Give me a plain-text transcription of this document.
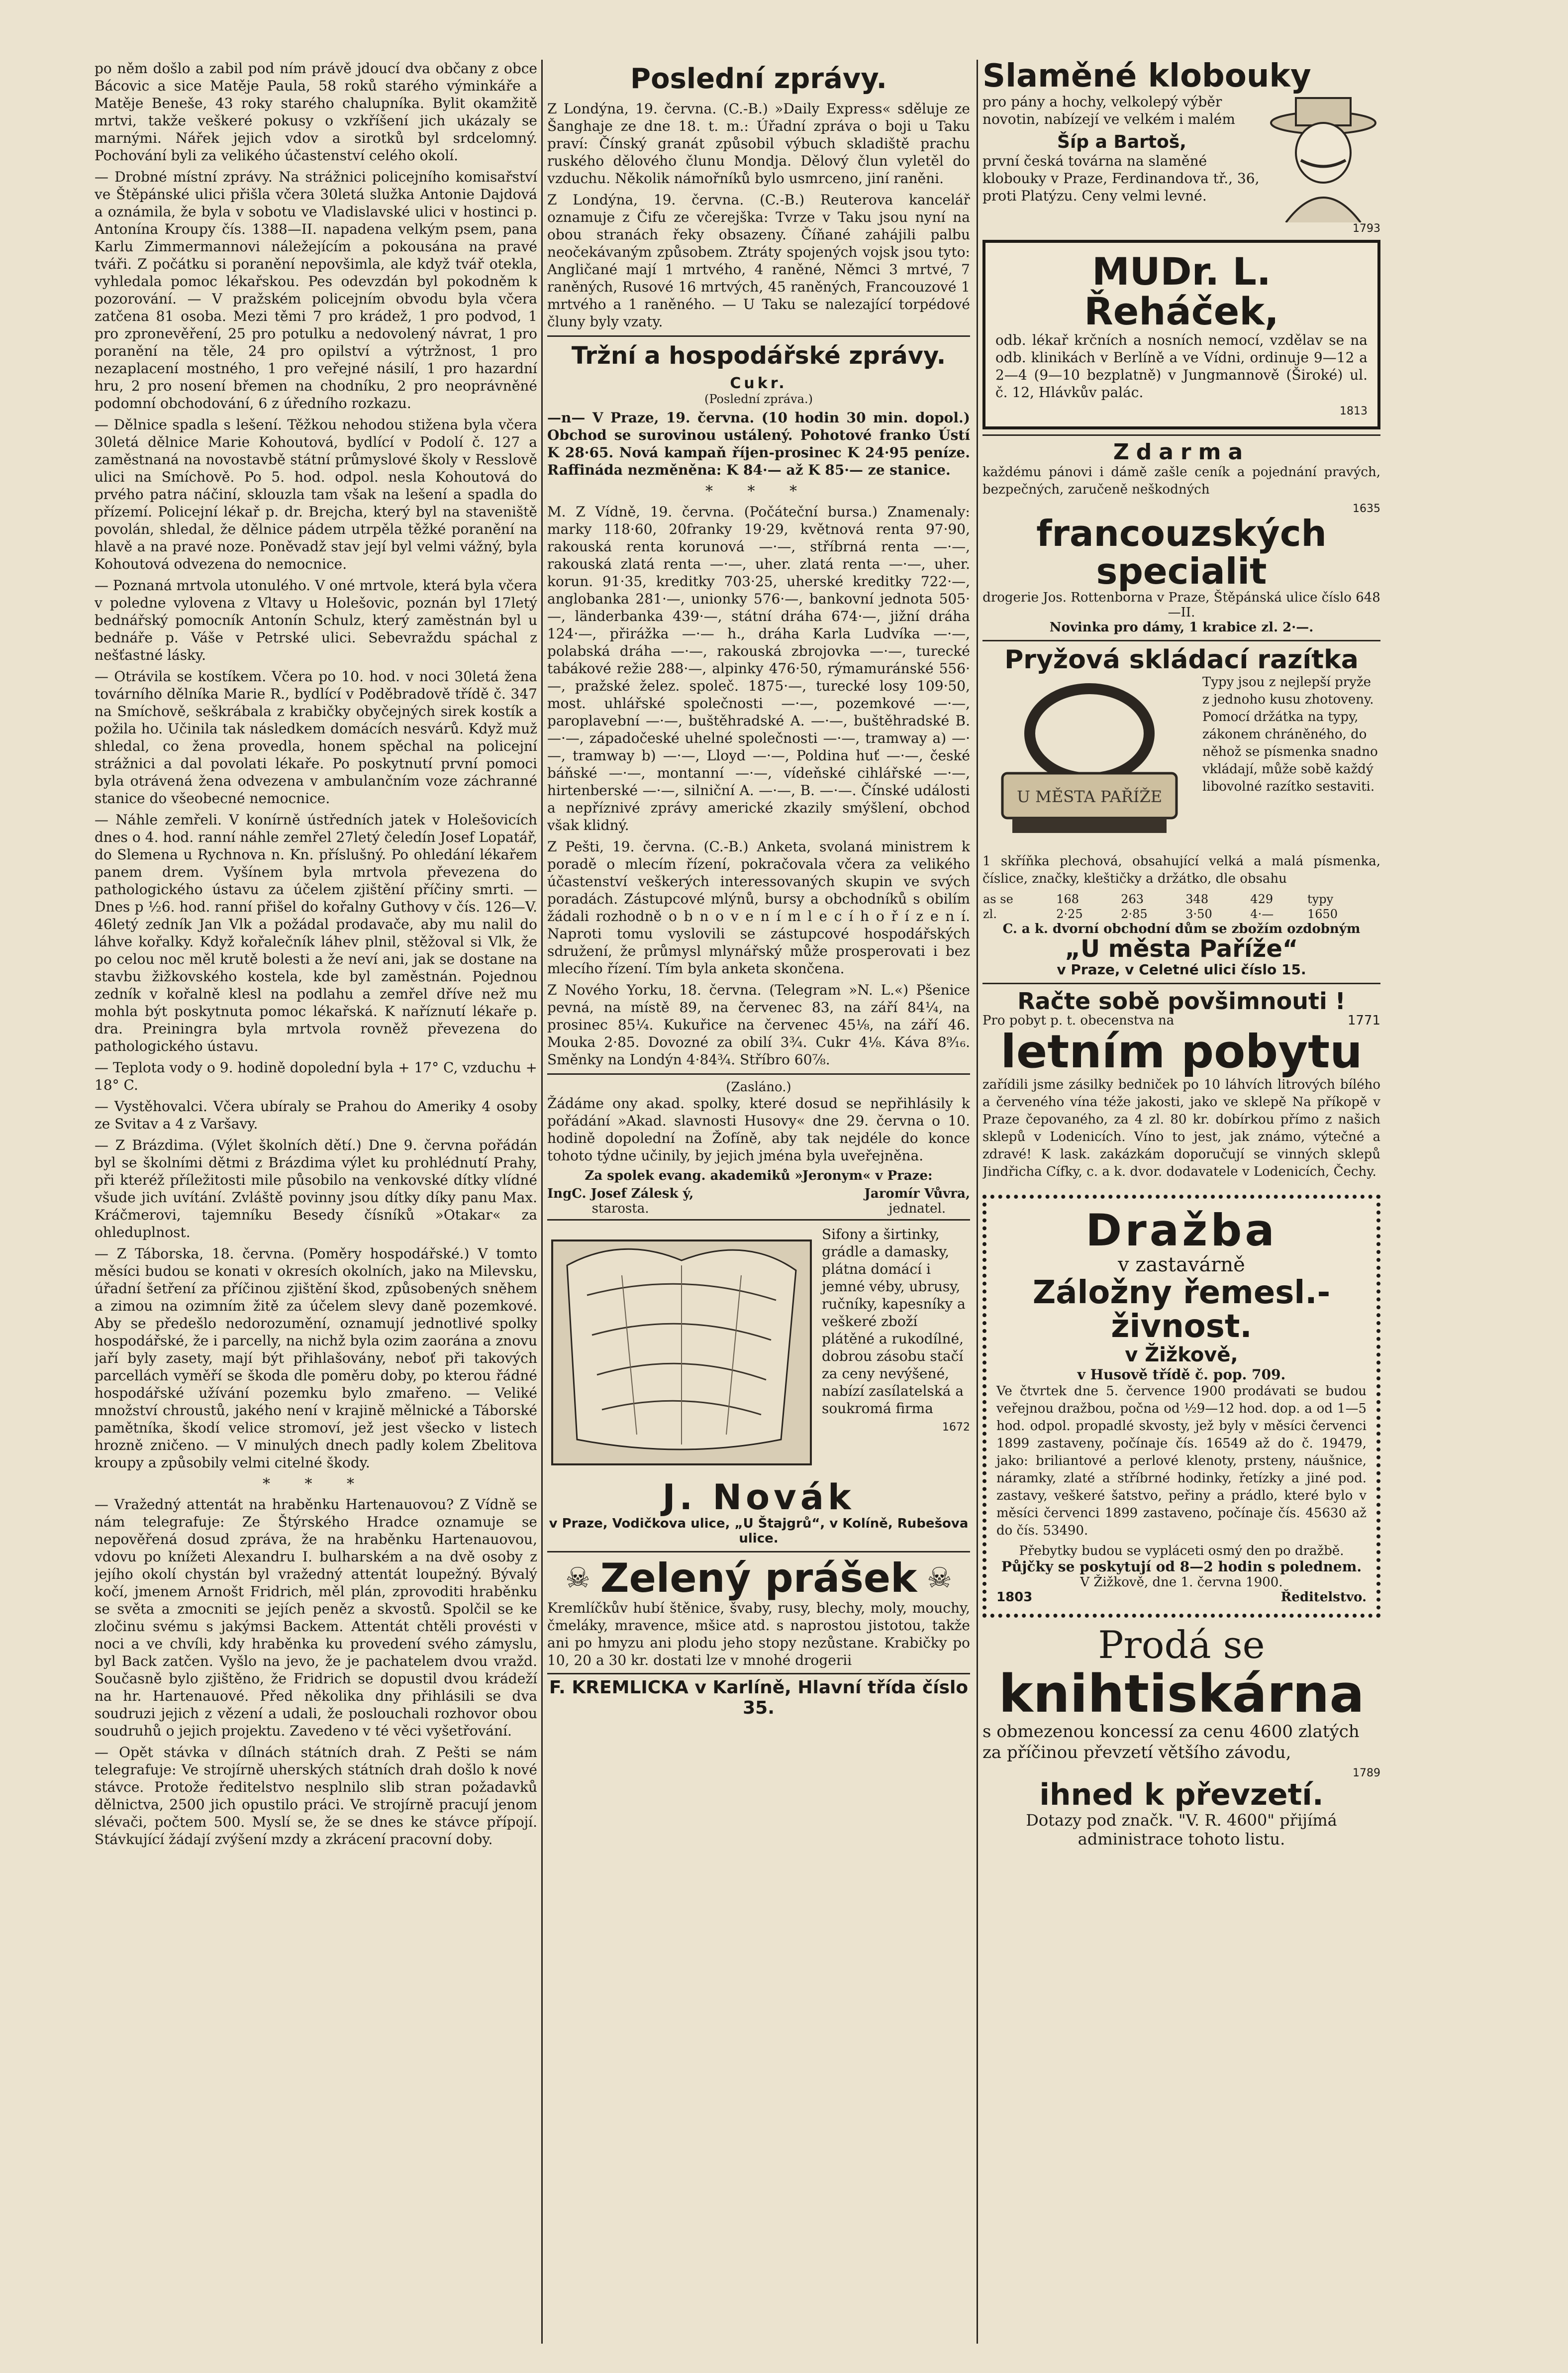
po něm došlo a zabil pod ním právě jdoucí dva občany z obce Bácovic a sice Matěje Paula, 58 roků starého výminkáře a Matěje Beneše, 43 roky starého chalupníka. Bylit okamžitě mrtvi, takže veškeré pokusy o vzkříšení jich ukázaly se marnými. Nářek jejich vdov a sirotků byl srdcelomný. Pochování byli za velikého účastenství celého okolí.

— Drobné místní zprávy. Na strážnici policejního komisařství ve Štěpánské ulici přišla včera 30letá služka Antonie Dajdová a oznámila, že byla v sobotu ve Vladislavské ulici v hostinci p. Antonína Kroupy čís. 1388—II. napadena velkým psem, pana Karlu Zimmermannovi náležejícím a pokousána na pravé tváři. Z počátku si poranění nepovšimla, ale když tvář otekla, vyhledala pomoc lékařskou. Pes odevzdán byl pokodněm k pozorování. — V pražském policejním obvodu byla včera zatčena 81 osoba. Mezi těmi 7 pro krádež, 1 pro podvod, 1 pro zpronevěření, 25 pro potulku a nedovolený návrat, 1 pro poranění na těle, 24 pro opilství a výtržnost, 1 pro nezaplacení mostného, 1 pro veřejné násilí, 1 pro hazardní hru, 2 pro nosení břemen na chodníku, 2 pro neoprávněné podomní obchodování, 6 z úředního rozkazu.

— Dělnice spadla s lešení. Těžkou nehodou stižena byla včera 30letá dělnice Marie Kohoutová, bydlící v Podolí č. 127 a zaměstnaná na novostavbě státní průmyslové školy v Resslově ulici na Smíchově. Po 5. hod. odpol. nesla Kohoutová do prvého patra náčiní, sklouzla tam však na lešení a spadla do přízemí. Policejní lékař p. dr. Brejcha, který byl na staveniště povolán, shledal, že dělnice pádem utrpěla těžké poranění na hlavě a na pravé noze. Poněvadž stav její byl velmi vážný, byla Kohoutová odvezena do nemocnice.

— Poznaná mrtvola utonulého. V oné mrtvole, která byla včera v poledne vylovena z Vltavy u Holešovic, poznán byl 17letý bednářský pomocník Antonín Schulz, který zaměstnán byl u bednáře p. Váše v Petrské ulici. Sebevraždu spáchal z nešťastné lásky.

— Otrávila se kostíkem. Včera po 10. hod. v noci 30letá žena továrního dělníka Marie R., bydlící v Poděbradově třídě č. 347 na Smíchově, seškrábala z krabičky obyčejných sirek kostík a požila ho. Učinila tak následkem domácích nesvárů. Když muž shledal, co žena provedla, honem spěchal na policejní strážnici a dal povolati lékaře. Po poskytnutí první pomoci byla otrávená žena odvezena v ambulančním voze záchranné stanice do všeobecné nemocnice.

— Náhle zemřeli. V konírně ústředních jatek v Holešovicích dnes o 4. hod. ranní náhle zemřel 27letý čeledín Josef Lopatář, do Slemena u Rychnova n. Kn. příslušný. Po ohledání lékařem panem drem. Vyšínem byla mrtvola převezena do pathologického ústavu za účelem zjištění příčiny smrti. — Dnes p ½6. hod. ranní přišel do kořalny Guthovy v čís. 126—V. 46letý zedník Jan Vlk a požádal prodavače, aby mu nalil do láhve kořalky. Když kořalečník láhev plnil, stěžoval si Vlk, že po celou noc měl krutě bolesti a že neví ani, jak se dostane na stavbu žižkovského kostela, kde byl zaměstnán. Pojednou zedník v kořalně klesl na podlahu a zemřel dříve než mu mohla být poskytnuta pomoc lékařská. K naříznutí lékaře p. dra. Preiningra byla mrtvola rovněž převezena do pathologického ústavu.

— Teplota vody o 9. hodině dopolední byla + 17° C, vzduchu + 18° C.

— Vystěhovalci. Včera ubíraly se Prahou do Ameriky 4 osoby ze Svitav a 4 z Varšavy.

— Z Brázdima. (Výlet školních dětí.) Dne 9. června pořádán byl se školními dětmi z Brázdima výlet ku prohlédnutí Prahy, při kteréž příležitosti mile působilo na venkovské dítky vlídné všude jich uvítání. Zvláště povinny jsou dítky díky panu Max. Kráčmerovi, tajemníku Besedy čísníků »Otakar« za ohleduplnost.

— Z Táborska, 18. června. (Poměry hospodářské.) V tomto měsíci budou se konati v okresích okolních, jako na Milevsku, úřadní šetření za příčinou zjištění škod, způsobených sněhem a zimou na ozimním žitě za účelem slevy daně pozemkové. Aby se předešlo nedorozumění, oznamují jednotlivé spolky hospodářské, že i parcelly, na nichž byla ozim zaorána a znovu jaří byly zasety, mají být přihlašovány, neboť při takových parcellách vyměří se škoda dle poměru doby, po kterou řádné hospodářské užívání pozemku bylo zmařeno. — Veliké množství chroustů, jakého není v krajině mělnické a Táborské pamětníka, škodí velice stromoví, jež jest všecko v listech hrozně zničeno. — V minulých dnech padly kolem Zbelitova kroupy a způsobily velmi citelné škody.

* * *

— Vražedný attentát na hraběnku Hartenauovou? Z Vídně se nám telegrafuje: Ze Štýrského Hradce oznamuje se nepověřená dosud zpráva, že na hraběnku Hartenauovou, vdovu po knížeti Alexandru I. bulharském a na dvě osoby z jejího okolí chystán byl vražedný attentát loupežný. Bývalý kočí, jmenem Arnošt Fridrich, měl plán, zprovoditi hraběnku se světa a zmocniti se jejích peněz a skvostů. Spolčil se ke zločinu svému s jakýmsi Backem. Attentát chtěli provésti v noci a ve chvíli, kdy hraběnka ku provedení svého zámyslu, byl Back zatčen. Vyšlo na jevo, že je pachatelem dvou vražd. Současně bylo zjištěno, že Fridrich se dopustil dvou krádeží na hr. Hartenauové. Před několika dny přihlásili se dva soudruzi jejich z vězení a udali, že poslouchali rozhovor obou soudruhů o jejich projektu. Zavedeno v té věci vyšetřování.

— Opět stávka v dílnách státních drah. Z Pešti se nám telegrafuje: Ve strojírně uherských státních drah došlo k nové stávce. Protože ředitelstvo nesplnilo slib stran požadavků dělnictva, 2500 jich opustilo práci. Ve strojírně pracují jenom slévači, počtem 500. Myslí se, že se dnes ke stávce přípojí. Stávkující žádají zvýšení mzdy a zkrácení pracovní doby.

Poslední zprávy.

Z Londýna, 19. června. (C.-B.) »Daily Express« sděluje ze Šanghaje ze dne 18. t. m.: Úřadní zpráva o boji u Taku praví: Čínský granát způsobil výbuch skladiště prachu ruského dělového člunu Mondja. Dělový člun vyletěl do vzduchu. Několik námořníků bylo usmrceno, jiní raněni.

Z Londýna, 19. června. (C.-B.) Reuterova kancelář oznamuje z Čifu ze včerejška: Tvrze v Taku jsou nyní na obou stranách řeky obsazeny. Číňané zahájili palbu neočekávaným způsobem. Ztráty spojených vojsk jsou tyto: Angličané mají 1 mrtvého, 4 raněné, Němci 3 mrtvé, 7 raněných, Rusové 16 mrtvých, 45 raněných, Francouzové 1 mrtvého a 1 raněného. — U Taku se nalezající torpédové čluny byly vzaty.

Tržní a hospodářské zprávy.
Cukr.
(Poslední zpráva.)

—n— V Praze, 19. června. (10 hodin 30 min. dopol.) Obchod se surovinou ustálený. Pohotové franko Ústí K 28·65. Nová kampaň říjen-prosinec K 24·95 peníze. Raffináda nezměněna: K 84·— až K 85·— ze stanice.

* * *

M. Z Vídně, 19. června. (Počáteční bursa.) Znamenaly: marky 118·60, 20franky 19·29, květnová renta 97·90, rakouská renta korunová —·—, stříbrná renta —·—, rakouská zlatá renta —·—, uher. zlatá renta —·—, uher. korun. 91·35, kreditky 703·25, uherské kreditky 722·—, anglobanka 281·—, unionky 576·—, bankovní jednota 505·—, länderbanka 439·—, státní dráha 674·—, jižní dráha 124·—, přirážka —·— h., dráha Karla Ludvíka —·—, polabská dráha —·—, rakouská zbrojovka —·—, turecké tabákové režie 288·—, alpinky 476·50, rýmamuránské 556·—, pražské želez. společ. 1875·—, turecké losy 109·50, most. uhlářské společnosti —·—, pozemkové —·—, paroplavební —·—, buštěhradské A. —·—, buštěhradské B. —·—, západočeské uhelné společnosti —·—, tramway a) —·—, tramway b) —·—, Lloyd —·—, Poldina huť —·—, české báňské —·—, montanní —·—, vídeňské cihlářské —·—, hirtenberské —·—, silniční A. —·—, B. —·—. Čínské události a nepříznivé zprávy americké zkazily smýšlení, obchod však klidný.

Z Pešti, 19. června. (C.-B.) Anketa, svolaná ministrem k poradě o mlecím řízení, pokračovala včera za velikého účastenství veškerých interessovaných skupin ve svých poradách. Zástupcové mlýnů, bursy a obchodníků s obilím žádali rozhodně o b n o v e n í m l e c í h o ř í z e n í. Naproti tomu vyslovili se zástupcové hospodářských sdružení, že průmysl mlynářský může prosperovati i bez mlecího řízení. Tím byla anketa skončena.

Z Nového Yorku, 18. června. (Telegram »N. L.«) Pšenice pevná, na místě 89, na červenec 83, na září 84¼, na prosinec 85¼. Kukuřice na červenec 45⅛, na září 46. Mouka 2·85. Dovozné za obilí 3¾. Cukr 4⅛. Káva 8⁹⁄₁₆. Směnky na Londýn 4·84¾. Stříbro 60⅞.

(Zasláno.)

Žádáme ony akad. spolky, které dosud se nepřihlásily k pořádání »Akad. slavnosti Husovy« dne 29. června o 10. hodině dopolední na Žofíně, aby tak nejdéle do konce tohoto týdne učinily, by jejich jména byla uveřejněna.

Za spolek evang. akademiků »Jeronym« v Praze:
IngC. Josef Zálesk ý,
starosta.
Jaromír Vůvra,
jednatel.

Sifony a širtinky, grádle a damasky, plátna domácí i jemné véby, ubrusy, ručníky, kapesníky a veškeré zboží plátěné a rukodílné, dobrou zásobu stačí za ceny nevýšené, nabízí zasílatelská a soukromá firma

1672
J. Novák
v Praze, Vodičkova ulice, „U Štajgrů“, v Kolíně, Rubešova ulice.
☠ Zelený prášek ☠

Kremlíčkův hubí štěnice, švaby, rusy, blechy, moly, mouchy, čmeláky, mravence, mšice atd. s naprostou jistotou, takže ani po hmyzu ani plodu jeho stopy nezůstane. Krabičky po 10, 20 a 30 kr. dostati lze v mnohé drogerii

F. KREMLICKA v Karlíně, Hlavní třída číslo 35.
Slaměné klobouky

pro pány a hochy, velkolepý výběr novotin, nabízejí ve velkém i malém

Šíp a Bartoš,

první česká továrna na slaměné klobouky v Praze, Ferdinandova tř., 36, proti Platýzu. Ceny velmi levné.

1793
MUDr. L. Řeháček,

odb. lékař krčních a nosních nemocí, vzdělav se na odb. klinikách v Berlíně a ve Vídni, ordinuje 9—12 a 2—4 (9—10 bezplatně) v Jungmannově (Široké) ul. č. 12, Hlávkův palác.

1813
Zdarma

každému pánovi i dámě zašle ceník a pojednání pravých, bezpečných, zaručeně neškodných

1635
francouzských specialit
drogerie Jos. Rottenborna v Praze, Štěpánská ulice číslo 648—II.
Novinka pro dámy, 1 krabice zl. 2·—.
Pryžová skládací razítka
U MĚSTA PAŘÍŽE

Typy jsou z nejlepší pryže z jednoho kusu zhotoveny. Pomocí držátka na typy, zákonem chráněného, do něhož se písmenka snadno vkládají, může sobě každý libovolné razítko sestaviti.

1 skříňka plechová, obsahující velká a malá písmenka, číslice, značky, kleštičky a držátko, dle obsahu

as se	168	263	348	429	typy
zl.	2·25	2·85	3·50	4·—	1650
C. a k. dvorní obchodní dům se zbožím ozdobným
„U města Paříže“
v Praze, v Celetné ulici číslo 15.
Račte sobě povšimnouti !
Pro pobyt p. t. obecenstva na	1771
letním pobytu

zařídili jsme zásilky bedniček po 10 láhvích litrových bílého a červeného vína téže jakosti, jako ve sklepě Na příkopě v Praze čepovaného, za 4 zl. 80 kr. dobírkou přímo z našich sklepů v Lodenicích. Víno to jest, jak známo, výtečné a zdravé! K lask. zakázkám doporučují se vinných sklepů Jindřicha Cífky, c. a k. dvor. dodavatele v Lodenicích, Čechy.

Dražba
v zastavárně
Záložny řemesl.-živnost.
v Žižkově,
v Husově třídě č. pop. 709.

Ve čtvrtek dne 5. července 1900 prodávati se budou veřejnou dražbou, počna od ½9—12 hod. dop. a od 1—5 hod. odpol. propadlé skvosty, jež byly v měsíci červenci 1899 zastaveny, počínaje čís. 16549 až do č. 19479, jako: briliantové a perlové klenoty, prsteny, náušnice, náramky, zlaté a stříbrné hodinky, řetízky a jiné pod. zastavy, veškeré šatstvo, peřiny a prádlo, které bylo v měsíci červenci 1899 zastaveno, počínaje čís. 45630 až do čís. 53490.

Přebytky budou se vypláceti osmý den po dražbě.
Půjčky se poskytují od 8—2 hodin s polednem.
V Žižkově, dne 1. června 1900.
1803	Ředitelstvo.
Prodá se
knihtiskárna

s obmezenou koncessí za cenu 4600 zlatých za příčinou převzetí většího závodu,

1789
ihned k převzetí.
Dotazy pod značk. "V. R. 4600" přijímá administrace tohoto listu.
